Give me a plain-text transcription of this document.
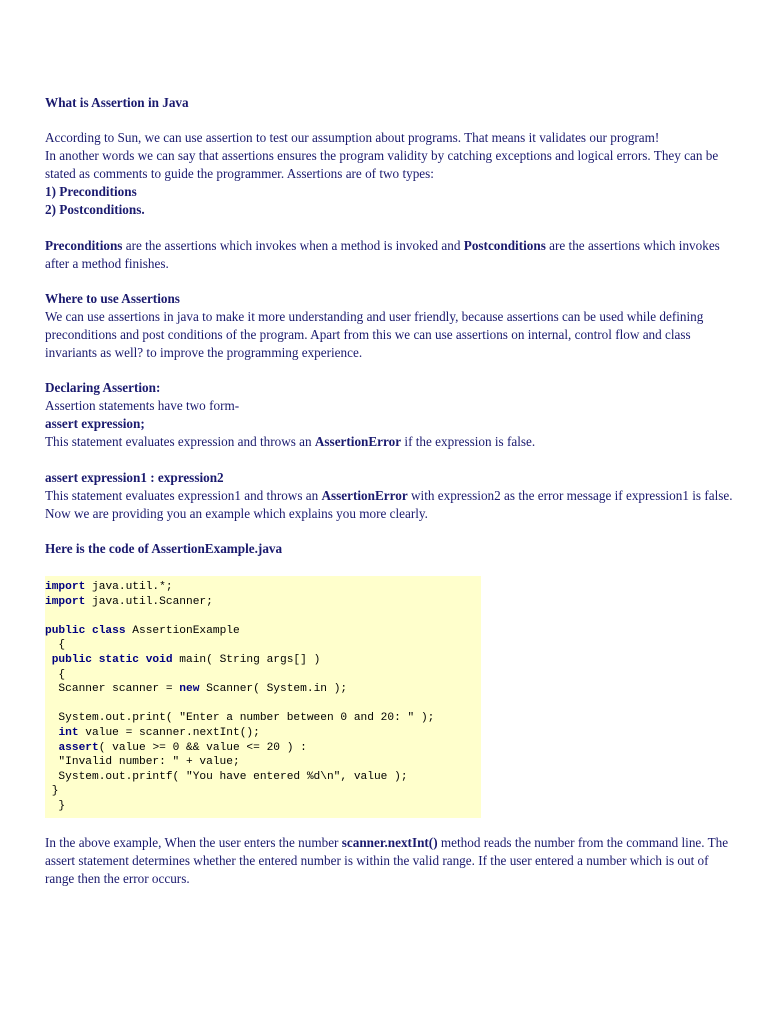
What is Assertion in Java

According to Sun, we can use assertion to test our assumption about programs. That means it validates our program!

In another words we can say that assertions ensures the program validity by catching exceptions and logical errors. They can be stated as comments to guide the programmer. Assertions are of two types:

1) Preconditions

2) Postconditions.

Preconditions are the assertions which invokes when a method is invoked and Postconditions are the assertions which invokes after a method finishes.

Where to use Assertions

We can use assertions in java to make it more understanding and user friendly, because assertions can be used while defining preconditions and post conditions of the program. Apart from this we can use assertions on internal, control flow and class invariants as well? to improve the programming experience.

Declaring Assertion:

Assertion statements have two form-

assert expression;

This statement evaluates expression and throws an AssertionError if the expression is false.

assert expression1 : expression2

This statement evaluates expression1 and throws an AssertionError with expression2 as the error message if expression1 is false.

Now we are providing you an example which explains you more clearly.

Here is the code of AssertionExample.java

import java.util.*;
import java.util.Scanner;
public class AssertionExample
{
public static void main( String args[] )
{
Scanner scanner = new Scanner( System.in );
System.out.print( "Enter a number between 0 and 20: " );
int value = scanner.nextInt();
assert( value >= 0 && value <= 20 ) :
"Invalid number: " + value;
System.out.printf( "You have entered %d\n", value );
}
}

In the above example, When the user enters the number scanner.nextInt() method reads the number from the command line. The assert statement determines whether the entered number is within the valid range. If the user entered a number which is out of range then the error occurs.
